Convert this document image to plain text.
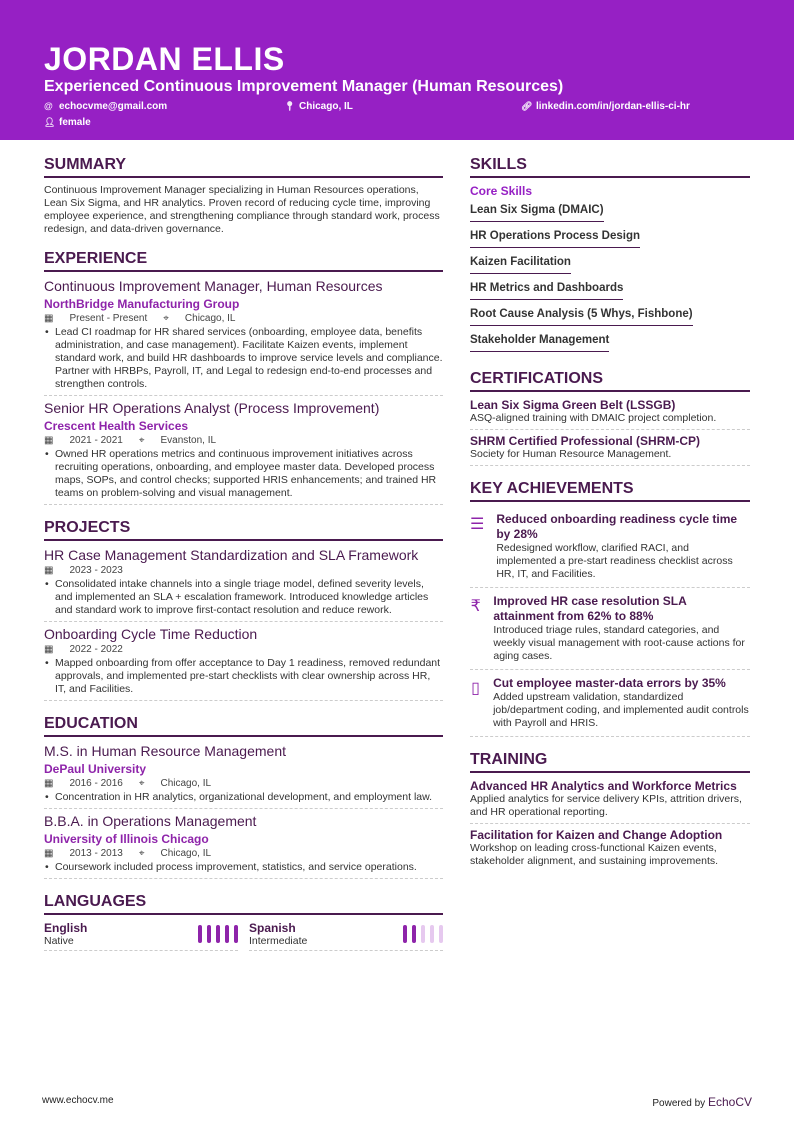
JORDAN ELLIS
Experienced Continuous Improvement Manager (Human Resources)
@ echocvme@gmail.com	📍︎ Chicago, IL	🔗︎ linkedin.com/in/jordan-ellis-ci-hr
👤︎ female
SUMMARY

Continuous Improvement Manager specializing in Human Resources operations, Lean Six Sigma, and HR analytics. Proven record of reducing cycle time, improving employee experience, and strengthening compliance through standard work, process redesign, and data-driven governance.

EXPERIENCE
Continuous Improvement Manager, Human Resources
NorthBridge Manufacturing Group
▦ Present - Present ⌖ Chicago, IL
• Lead CI roadmap for HR shared services (onboarding, employee data, benefits administration, and case management). Facilitate Kaizen events, implement standard work, and build HR dashboards to improve service levels and compliance. Partner with HRBPs, Payroll, IT, and Legal to redesign end-to-end processes and strengthen controls.
Senior HR Operations Analyst (Process Improvement)
Crescent Health Services
▦ 2021 - 2021 ⌖ Evanston, IL
• Owned HR operations metrics and continuous improvement initiatives across recruiting operations, onboarding, and employee master data. Developed process maps, SOPs, and control checks; supported HRIS enhancements; and trained HR teams on problem-solving and visual management.
PROJECTS
HR Case Management Standardization and SLA Framework
▦ 2023 - 2023
• Consolidated intake channels into a single triage model, defined severity levels, and implemented an SLA + escalation framework. Introduced knowledge articles and standard work to improve first-contact resolution and reduce rework.
Onboarding Cycle Time Reduction
▦ 2022 - 2022
• Mapped onboarding from offer acceptance to Day 1 readiness, removed redundant approvals, and implemented pre-start checklists with clear ownership across HR, IT, and Facilities.
EDUCATION
M.S. in Human Resource Management
DePaul University
▦ 2016 - 2016 ⌖ Chicago, IL
• Concentration in HR analytics, organizational development, and employment law.
B.B.A. in Operations Management
University of Illinois Chicago
▦ 2013 - 2013 ⌖ Chicago, IL
• Coursework included process improvement, statistics, and service operations.
LANGUAGES
English
Native
Spanish
Intermediate
SKILLS
Core Skills
Lean Six Sigma (DMAIC)
HR Operations Process Design
Kaizen Facilitation
HR Metrics and Dashboards
Root Cause Analysis (5 Whys, Fishbone)
Stakeholder Management
CERTIFICATIONS
Lean Six Sigma Green Belt (LSSGB)

ASQ-aligned training with DMAIC project completion.

SHRM Certified Professional (SHRM-CP)

Society for Human Resource Management.

KEY ACHIEVEMENTS
☰ Reduced onboarding readiness cycle time by 28%

Redesigned workflow, clarified RACI, and implemented a pre-start readiness checklist across HR, IT, and Facilities.

₹ Improved HR case resolution SLA attainment from 62% to 88%

Introduced triage rules, standard categories, and weekly visual management with root-cause actions for aging cases.

▯ Cut employee master-data errors by 35%

Added upstream validation, standardized job/department coding, and implemented audit controls with Payroll and HRIS.

TRAINING
Advanced HR Analytics and Workforce Metrics

Applied analytics for service delivery KPIs, attrition drivers, and HR operational reporting.

Facilitation for Kaizen and Change Adoption

Workshop on leading cross-functional Kaizen events, stakeholder alignment, and sustaining improvements.

www.echocv.me	Powered by EchoCV
